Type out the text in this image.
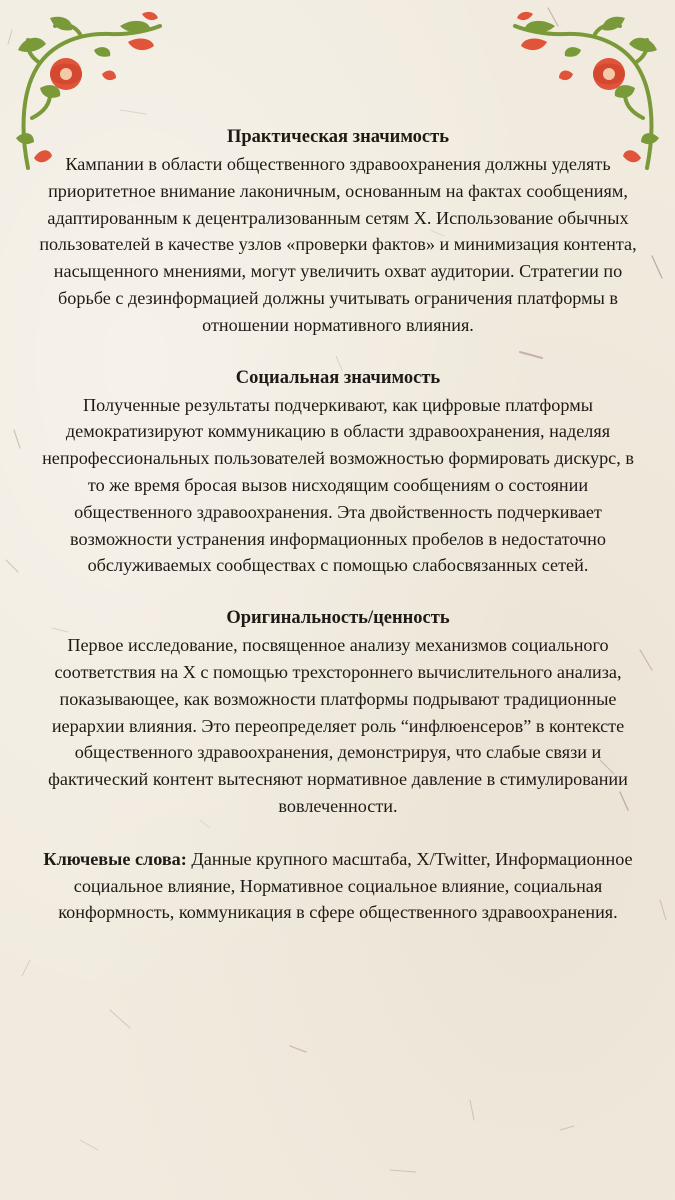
Практическая значимость

Кампании в области общественного здравоохранения должны уделять приоритетное внимание лаконичным, основанным на фактах сообщениям, адаптированным к децентрализованным сетям X. Использование обычных пользователей в качестве узлов «проверки фактов» и минимизация контента, насыщенного мнениями, могут увеличить охват аудитории. Стратегии по борьбе с дезинформацией должны учитывать ограничения платформы в отношении нормативного влияния.

Социальная значимость

Полученные результаты подчеркивают, как цифровые платформы демократизируют коммуникацию в области здравоохранения, наделяя непрофессиональных пользователей возможностью формировать дискурс, в то же время бросая вызов нисходящим сообщениям о состоянии общественного здравоохранения. Эта двойственность подчеркивает возможности устранения информационных пробелов в недостаточно обслуживаемых сообществах с помощью слабосвязанных сетей.

Оригинальность/ценность

Первое исследование, посвященное анализу механизмов социального соответствия на X с помощью трехстороннего вычислительного анализа, показывающее, как возможности платформы подрывают традиционные иерархии влияния. Это переопределяет роль “инфлюенсеров” в контексте общественного здравоохранения, демонстрируя, что слабые связи и фактический контент вытесняют нормативное давление в стимулировании вовлеченности.

Ключевые слова: Данные крупного масштаба, X/Twitter, Информационное социальное влияние, Нормативное социальное влияние, социальная конформность, коммуникация в сфере общественного здравоохранения.
